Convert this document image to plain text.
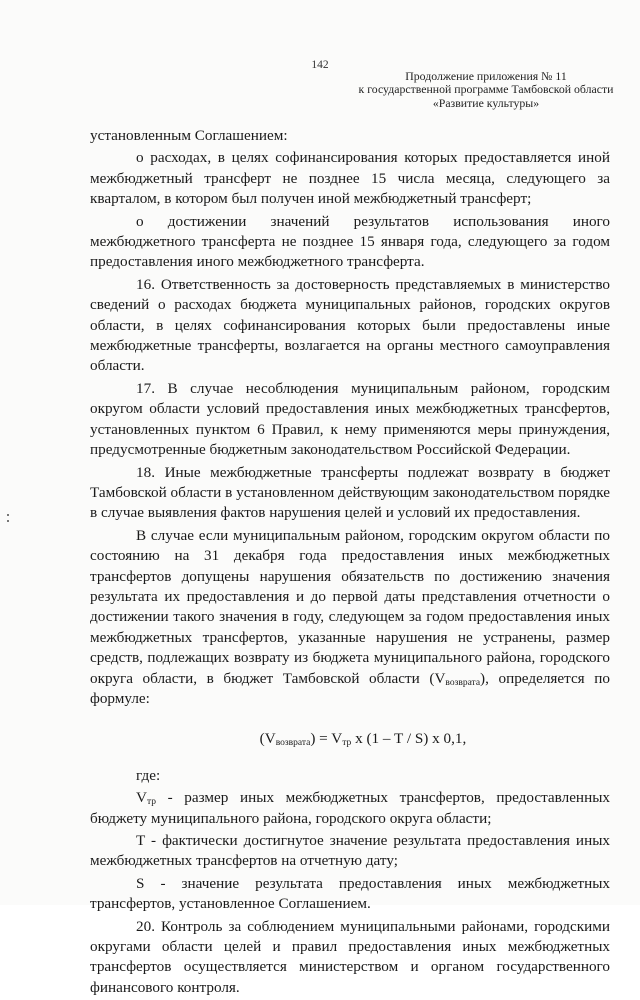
142
Продолжение приложения № 11
к государственной программе Тамбовской области
«Развитие культуры»

установленным Соглашением:

о расходах, в целях софинансирования которых предоставляется иной межбюджетный трансферт не позднее 15 числа месяца, следующего за кварталом, в котором был получен иной межбюджетный трансферт;

о достижении значений результатов использования иного межбюджетного трансферта не позднее 15 января года, следующего за годом предоставления иного межбюджетного трансферта.

16. Ответственность за достоверность представляемых в министерство сведений о расходах бюджета муниципальных районов, городских округов области, в целях софинансирования которых были предоставлены иные межбюджетные трансферты, возлагается на органы местного самоуправления области.

17. В случае несоблюдения муниципальным районом, городским округом области условий предоставления иных межбюджетных трансфертов, установленных пунктом 6 Правил, к нему применяются меры принуждения, предусмотренные бюджетным законодательством Российской Федерации.

18. Иные межбюджетные трансферты подлежат возврату в бюджет Тамбовской области в установленном действующим законодательством порядке в случае выявления фактов нарушения целей и условий их предоставления.

В случае если муниципальным районом, городским округом области по состоянию на 31 декабря года предоставления иных межбюджетных трансфертов допущены нарушения обязательств по достижению значения результата их предоставления и до первой даты представления отчетности о достижении такого значения в году, следующем за годом предоставления иных межбюджетных трансфертов, указанные нарушения не устранены, размер средств, подлежащих возврату из бюджета муниципального района, городского округа области, в бюджет Тамбовской области $(V_{возврата})$, определяется по формуле:

$(V_{возврата}) = V_{тр}$ x (1 – T / S) x 0,1,

где:

$V_{тр}$ - размер иных межбюджетных трансфертов, предоставленных бюджету муниципального района, городского округа области;

T - фактически достигнутое значение результата предоставления иных межбюджетных трансфертов на отчетную дату;

S - значение результата предоставления иных межбюджетных трансфертов, установленное Соглашением.

20. Контроль за соблюдением муниципальными районами, городскими округами области целей и правил предоставления иных межбюджетных трансфертов осуществляется министерством и органом государственного финансового контроля.
